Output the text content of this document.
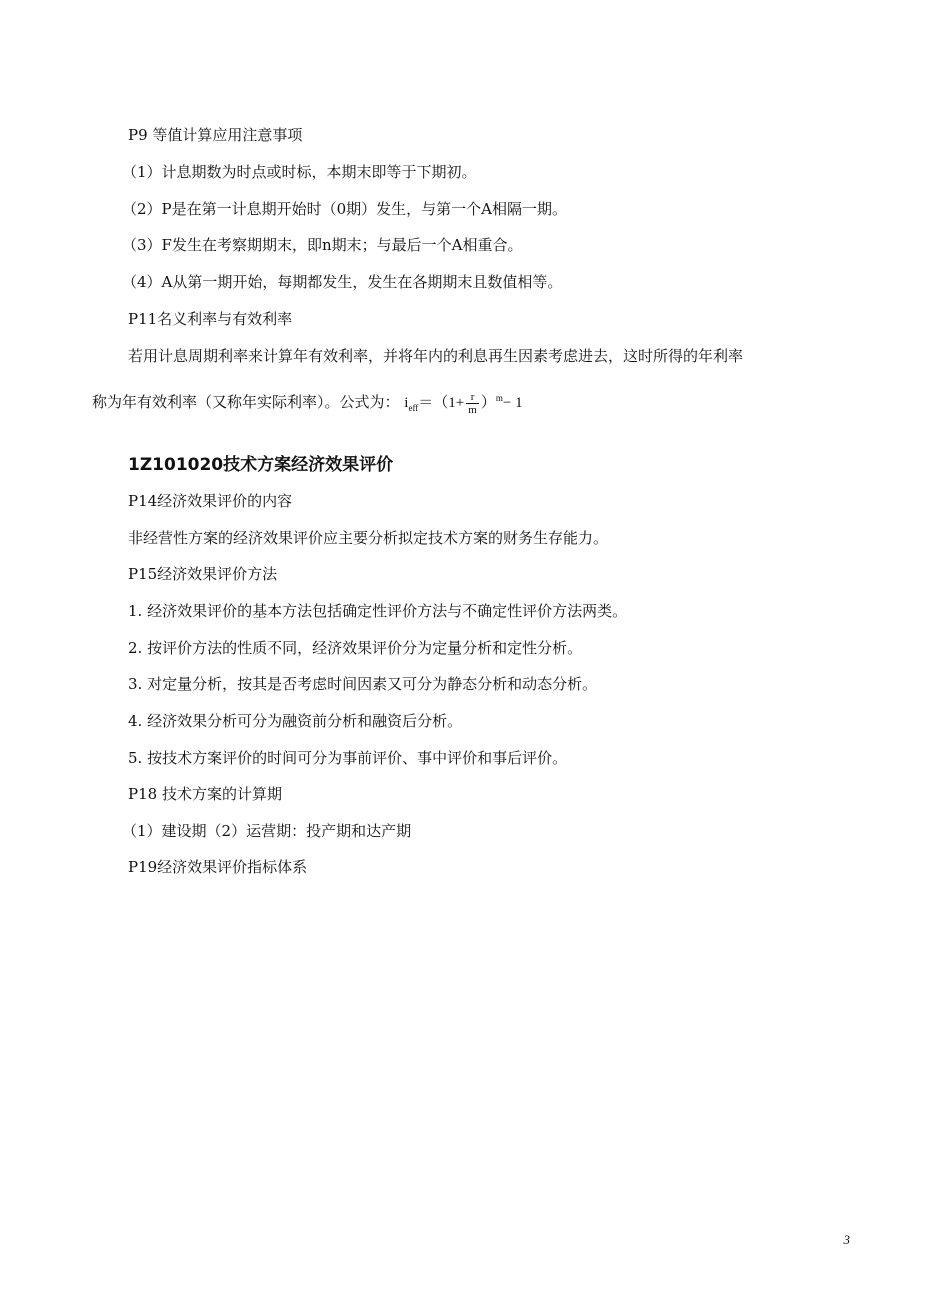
P9 等值计算应用注意事项
（1）计息期数为时点或时标，本期末即等于下期初。
（2）P是在第一计息期开始时（0期）发生，与第一个A相隔一期。
（3）F发生在考察期期末，即n期末；与最后一个A相重合。
（4）A从第一期开始，每期都发生，发生在各期期末且数值相等。
P11名义利率与有效利率
若用计息周期利率来计算年有效利率，并将年内的利息再生因素考虑进去，这时所得的年利率
称为年有效利率（又称年实际利率）。公式为： $i_{eff}=(1+ \frac{r}{m} )^m- 1$
1Z101020技术方案经济效果评价
P14经济效果评价的内容
非经营性方案的经济效果评价应主要分析拟定技术方案的财务生存能力。
P15经济效果评价方法
1. 经济效果评价的基本方法包括确定性评价方法与不确定性评价方法两类。
2. 按评价方法的性质不同，经济效果评价分为定量分析和定性分析。
3. 对定量分析，按其是否考虑时间因素又可分为静态分析和动态分析。
4. 经济效果分析可分为融资前分析和融资后分析。
5. 按技术方案评价的时间可分为事前评价、事中评价和事后评价。
P18 技术方案的计算期
（1）建设期（2）运营期：投产期和达产期
P19经济效果评价指标体系
3
